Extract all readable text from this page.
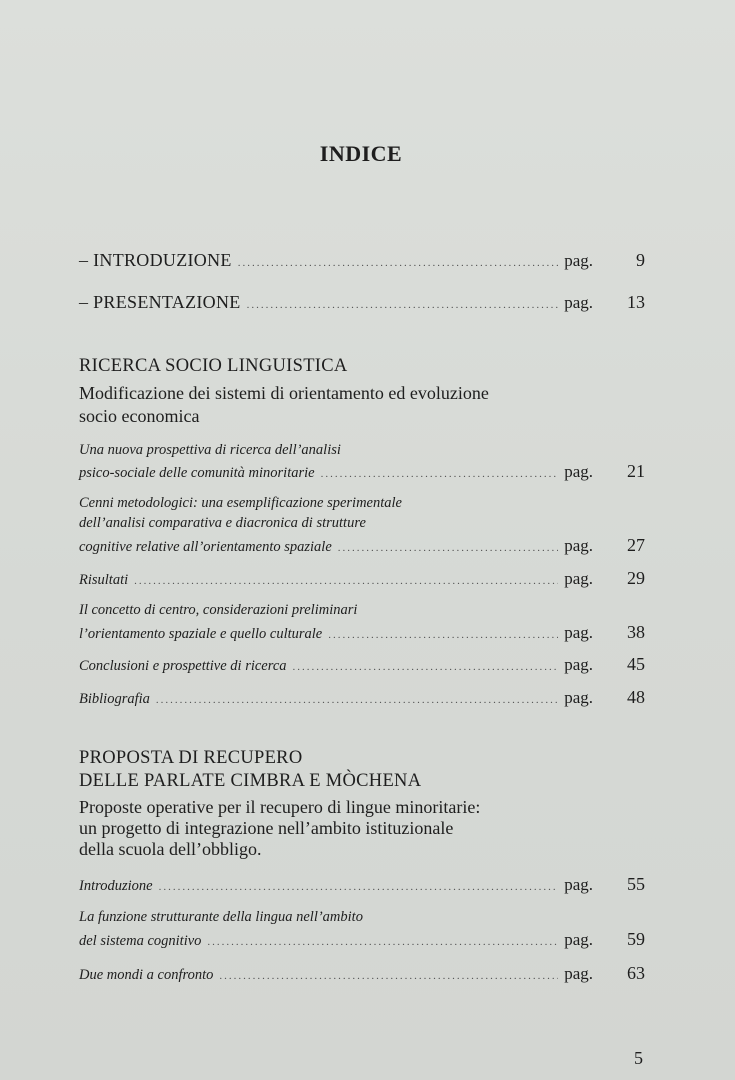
INDICE
– INTRODUZIONE .....	pag.	9
– PRESENTAZIONE .....	pag.	13
RICERCA SOCIO LINGUISTICA
Modificazione dei sistemi di orientamento ed evoluzione
socio economica
Una nuova prospettiva di ricerca dell’analisi
psico-sociale delle comunità minoritarie .....	pag.	21
Cenni metodologici: una esemplificazione sperimentale
dell’analisi comparativa e diacronica di strutture
cognitive relative all’orientamento spaziale .....	pag.	27
Risultati .....	pag.	29
Il concetto di centro, considerazioni preliminari
l’orientamento spaziale e quello culturale .....	pag.	38
Conclusioni e prospettive di ricerca .....	pag.	45
Bibliografia .....	pag.	48
PROPOSTA DI RECUPERO
DELLE PARLATE CIMBRA E MÒCHENA
Proposte operative per il recupero di lingue minoritarie:
un progetto di integrazione nell’ambito istituzionale
della scuola dell’obbligo.
Introduzione .....	pag.	55
La funzione strutturante della lingua nell’ambito
del sistema cognitivo .....	pag.	59
Due mondi a confronto .....	pag.	63
5
